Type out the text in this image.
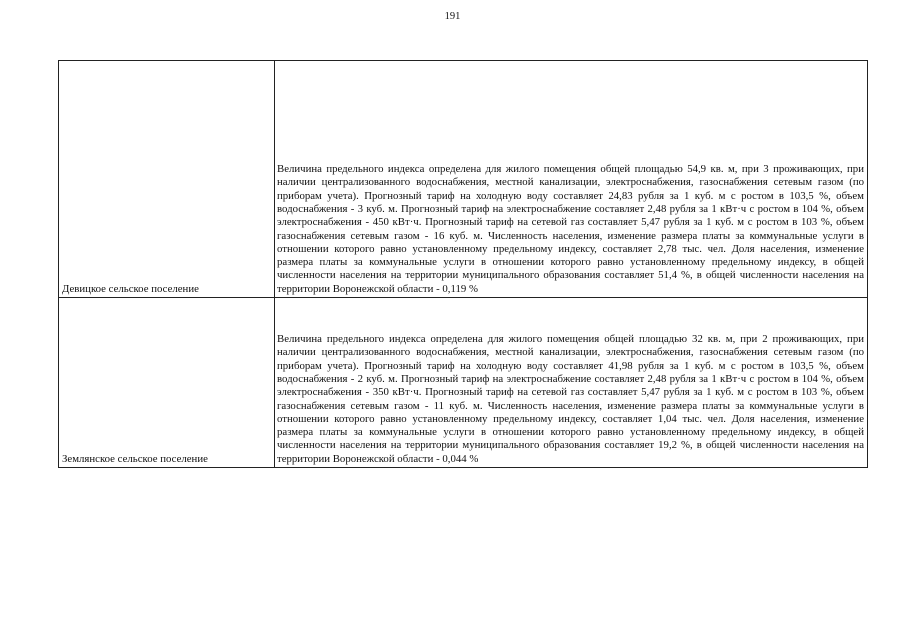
191
Девицкое сельское поселение	Величина предельного индекса определена для жилого помещения общей площадью 54,9 кв. м, при 3 проживающих, при наличии централизованного водоснабжения, местной канализации, электроснабжения, газоснабжения сетевым газом (по приборам учета). Прогнозный тариф на холодную воду составляет 24,83 рубля за 1 куб. м с ростом в 103,5 %, объем водоснабжения - 3 куб. м. Прогнозный тариф на электроснабжение составляет 2,48 рубля за 1 кВт·ч с ростом в 104 %, объем электроснабжения - 450 кВт·ч. Прогнозный тариф на сетевой газ составляет 5,47 рубля за 1 куб. м с ростом в 103 %, объем газоснабжения сетевым газом - 16 куб. м. Численность населения, изменение размера платы за коммунальные услуги в отношении которого равно установленному предельному индексу, составляет 2,78 тыс. чел. Доля населения, изменение размера платы за коммунальные услуги в отношении которого равно установленному предельному индексу, в общей численности населения на территории муниципального образования составляет 51,4 %, в общей численности населения на территории Воронежской области - 0,119 %
Землянское сельское поселение	Величина предельного индекса определена для жилого помещения общей площадью 32 кв. м, при 2 проживающих, при наличии централизованного водоснабжения, местной канализации, электроснабжения, газоснабжения сетевым газом (по приборам учета). Прогнозный тариф на холодную воду составляет 41,98 рубля за 1 куб. м с ростом в 103,5 %, объем водоснабжения - 2 куб. м. Прогнозный тариф на электроснабжение составляет 2,48 рубля за 1 кВт·ч с ростом в 104 %, объем электроснабжения - 350 кВт·ч. Прогнозный тариф на сетевой газ составляет 5,47 рубля за 1 куб. м с ростом в 103 %, объем газоснабжения сетевым газом - 11 куб. м. Численность населения, изменение размера платы за коммунальные услуги в отношении которого равно установленному предельному индексу, составляет 1,04 тыс. чел. Доля населения, изменение размера платы за коммунальные услуги в отношении которого равно установленному предельному индексу, в общей численности населения на территории муниципального образования составляет 19,2 %, в общей численности населения на территории Воронежской области - 0,044 %
